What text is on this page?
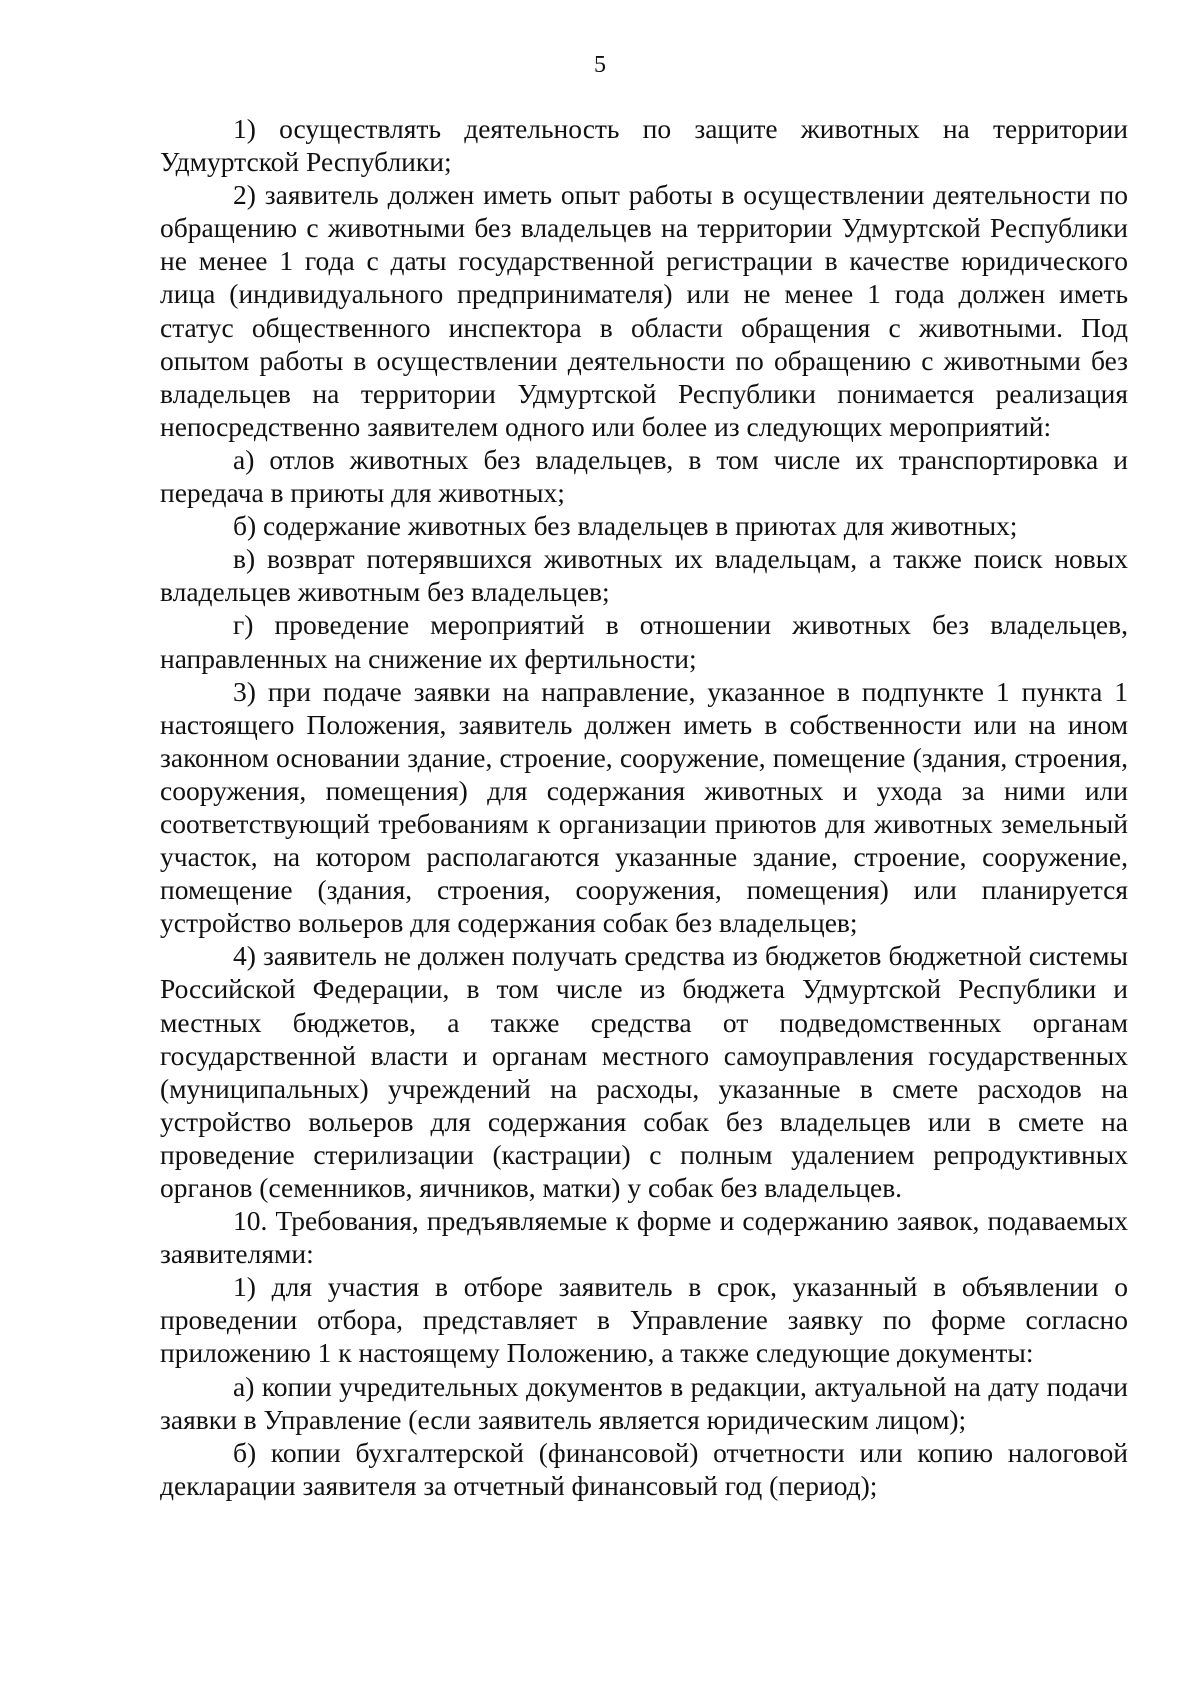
5

1) осуществлять деятельность по защите животных на территории Удмуртской Республики;

2) заявитель должен иметь опыт работы в осуществлении деятельности по обращению с животными без владельцев на территории Удмуртской Республики не менее 1 года с даты государственной регистрации в качестве юридического лица (индивидуального предпринимателя) или не менее 1 года должен иметь статус общественного инспектора в области обращения с животными. Под опытом работы в осуществлении деятельности по обращению с животными без владельцев на территории Удмуртской Республики понимается реализация непосредственно заявителем одного или более из следующих мероприятий:

а) отлов животных без владельцев, в том числе их транспортировка и передача в приюты для животных;

б) содержание животных без владельцев в приютах для животных;

в) возврат потерявшихся животных их владельцам, а также поиск новых владельцев животным без владельцев;

г) проведение мероприятий в отношении животных без владельцев, направленных на снижение их фертильности;

3) при подаче заявки на направление, указанное в подпункте 1 пункта 1 настоящего Положения, заявитель должен иметь в собственности или на ином законном основании здание, строение, сооружение, помещение (здания, строения, сооружения, помещения) для содержания животных и ухода за ними или соответствующий требованиям к организации приютов для животных земельный участок, на котором располагаются указанные здание, строение, сооружение, помещение (здания, строения, сооружения, помещения) или планируется устройство вольеров для содержания собак без владельцев;

4) заявитель не должен получать средства из бюджетов бюджетной системы Российской Федерации, в том числе из бюджета Удмуртской Республики и местных бюджетов, а также средства от подведомственных органам государственной власти и органам местного самоуправления государственных (муниципальных) учреждений на расходы, указанные в смете расходов на устройство вольеров для содержания собак без владельцев или в смете на проведение стерилизации (кастрации) с полным удалением репродуктивных органов (семенников, яичников, матки) у собак без владельцев.

10. Требования, предъявляемые к форме и содержанию заявок, подаваемых заявителями:

1) для участия в отборе заявитель в срок, указанный в объявлении о проведении отбора, представляет в Управление заявку по форме согласно приложению 1 к настоящему Положению, а также следующие документы:

а) копии учредительных документов в редакции, актуальной на дату подачи заявки в Управление (если заявитель является юридическим лицом);

б) копии бухгалтерской (финансовой) отчетности или копию налоговой декларации заявителя за отчетный финансовый год (период);
